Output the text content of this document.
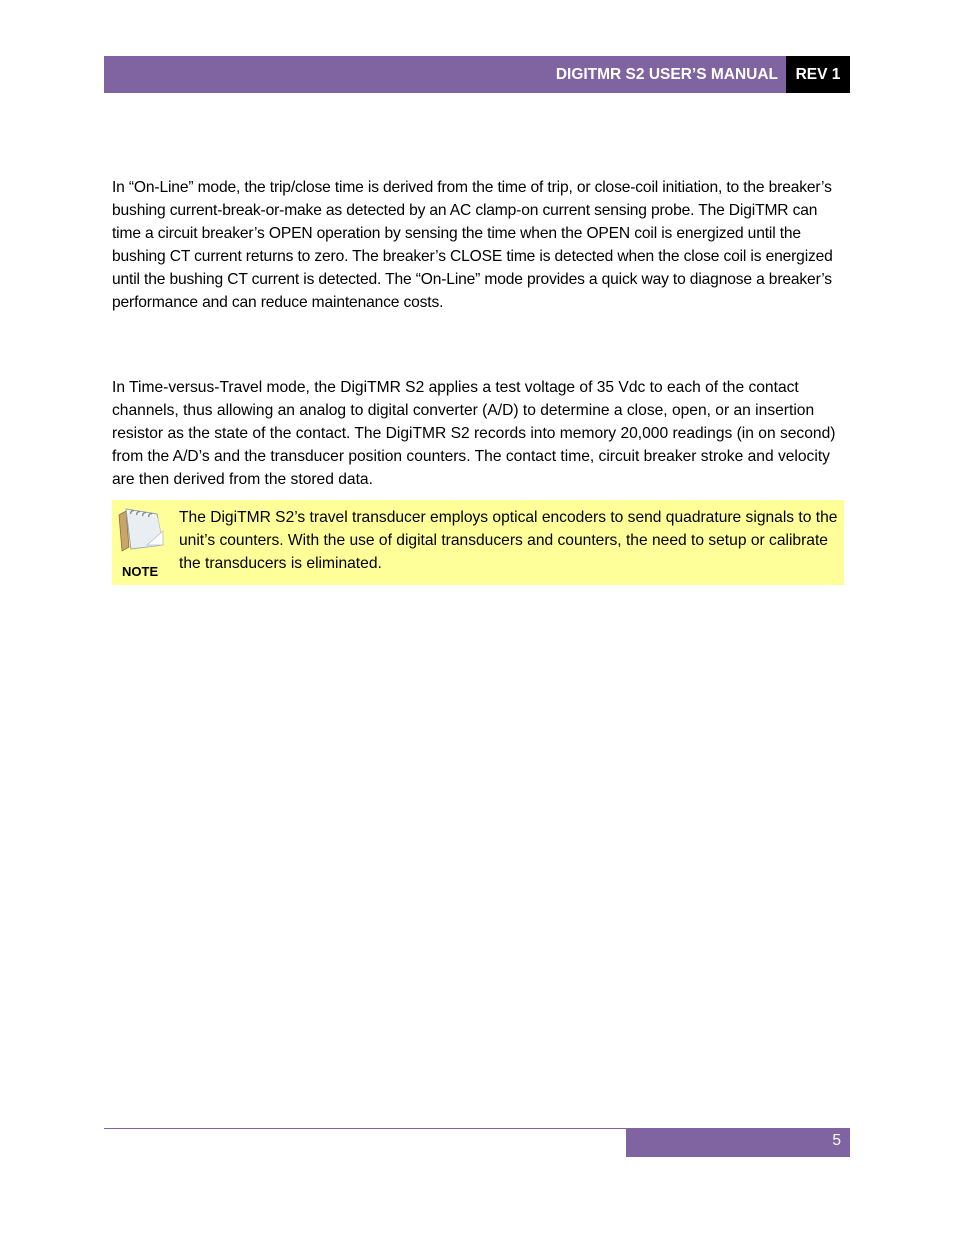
DIGITMR S2 USER’S MANUAL	REV 1

In “On-Line” mode, the trip/close time is derived from the time of trip, or close-coil initiation, to the breaker’s bushing current-break-or-make as detected by an AC clamp-on current sensing probe. The DigiTMR can time a circuit breaker’s OPEN operation by sensing the time when the OPEN coil is energized until the bushing CT current returns to zero. The breaker’s CLOSE time is detected when the close coil is energized until the bushing CT current is detected. The “On-Line” mode provides a quick way to diagnose a breaker’s performance and can reduce maintenance costs.

In Time-versus-Travel mode, the DigiTMR S2 applies a test voltage of 35 Vdc to each of the contact channels, thus allowing an analog to digital converter (A/D) to determine a close, open, or an insertion resistor as the state of the contact. The DigiTMR S2 records into memory 20,000 readings (in on second) from the A/D’s and the transducer position counters. The contact time, circuit breaker stroke and velocity are then derived from the stored data.

NOTE

The DigiTMR S2’s travel transducer employs optical encoders to send quadrature signals to the unit’s counters. With the use of digital transducers and counters, the need to setup or calibrate the transducers is eliminated.

5
